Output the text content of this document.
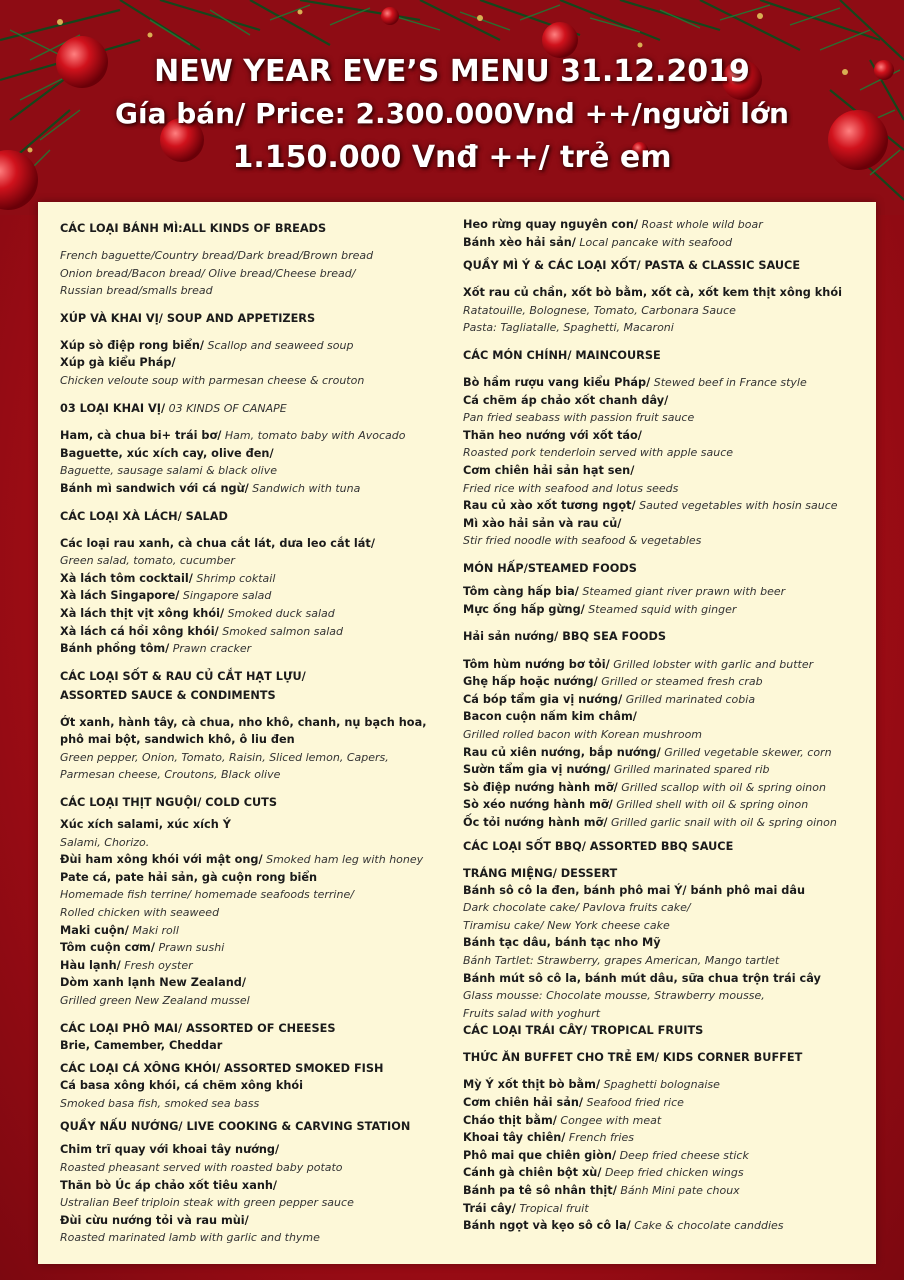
NEW YEAR EVE’S MENU 31.12.2019
Gía bán/ Price: 2.300.000Vnd ++/người lớn
1.150.000 Vnđ ++/ trẻ em
CÁC LOẠI BÁNH MÌ:ALL KINDS OF BREADS
French baguette/Country bread/Dark bread/Brown bread
Onion bread/Bacon bread/ Olive bread/Cheese bread/
Russian bread/smalls bread
XÚP VÀ KHAI VỊ/ SOUP AND APPETIZERS
Xúp sò điệp rong biển/ Scallop and seaweed soup
Xúp gà kiểu Pháp/
Chicken veloute soup with parmesan cheese & crouton
03 LOẠI KHAI VỊ/ 03 KINDS OF CANAPE
Ham, cà chua bi+ trái bơ/ Ham, tomato baby with Avocado
Baguette, xúc xích cay, olive đen/
Baguette, sausage salami & black olive
Bánh mì sandwich với cá ngừ/ Sandwich with tuna
CÁC LOẠI XÀ LÁCH/ SALAD
Các loại rau xanh, cà chua cắt lát, dưa leo cắt lát/
Green salad, tomato, cucumber
Xà lách tôm cocktail/ Shrimp coktail
Xà lách Singapore/ Singapore salad
Xà lách thịt vịt xông khói/ Smoked duck salad
Xà lách cá hồi xông khói/ Smoked salmon salad
Bánh phồng tôm/ Prawn cracker
CÁC LOẠI SỐT & RAU CỦ CẮT HẠT LỰU/
ASSORTED SAUCE & CONDIMENTS
Ớt xanh, hành tây, cà chua, nho khô, chanh, nụ bạch hoa,
phô mai bột, sandwich khô, ô liu đen
Green pepper, Onion, Tomato, Raisin, Sliced lemon, Capers,
Parmesan cheese, Croutons, Black olive
CÁC LOẠI THỊT NGUỘI/ COLD CUTS
Xúc xích salami, xúc xích Ý
Salami, Chorizo.
Đùi ham xông khói với mật ong/ Smoked ham leg with honey
Pate cá, pate hải sản, gà cuộn rong biển
Homemade fish terrine/ homemade seafoods terrine/
Rolled chicken with seaweed
Maki cuộn/ Maki roll
Tôm cuộn cơm/ Prawn sushi
Hàu lạnh/ Fresh oyster
Dòm xanh lạnh New Zealand/
Grilled green New Zealand mussel
CÁC LOẠI PHÔ MAI/ ASSORTED OF CHEESES
Brie, Camember, Cheddar
CÁC LOẠI CÁ XÔNG KHÓI/ ASSORTED SMOKED FISH
Cá basa xông khói, cá chẽm xông khói
Smoked basa fish, smoked sea bass
QUẦY NẤU NƯỚNG/ LIVE COOKING & CARVING STATION
Chim trĩ quay với khoai tây nướng/
Roasted pheasant served with roasted baby potato
Thăn bò Úc áp chảo xốt tiêu xanh/
Ustralian Beef triploin steak with green pepper sauce
Đùi cừu nướng tỏi và rau mùi/
Roasted marinated lamb with garlic and thyme
Heo rừng quay nguyên con/ Roast whole wild boar
Bánh xèo hải sản/ Local pancake with seafood
QUẦY MÌ Ý & CÁC LOẠI XỐT/ PASTA & CLASSIC SAUCE
Xốt rau củ chần, xốt bò bằm, xốt cà, xốt kem thịt xông khói
Ratatouille, Bolognese, Tomato, Carbonara Sauce
Pasta: Tagliatalle, Spaghetti, Macaroni
CÁC MÓN CHÍNH/ MAINCOURSE
Bò hầm rượu vang kiểu Pháp/ Stewed beef in France style
Cá chẽm áp chảo xốt chanh dây/
Pan fried seabass with passion fruit sauce
Thăn heo nướng với xốt táo/
Roasted pork tenderloin served with apple sauce
Cơm chiên hải sản hạt sen/
Fried rice with seafood and lotus seeds
Rau củ xào xốt tương ngọt/ Sauted vegetables with hosin sauce
Mì xào hải sản và rau củ/
Stir fried noodle with seafood & vegetables
MÓN HẤP/STEAMED FOODS
Tôm càng hấp bia/ Steamed giant river prawn with beer
Mực ống hấp gừng/ Steamed squid with ginger
Hải sản nướng/ BBQ SEA FOODS
Tôm hùm nướng bơ tỏi/ Grilled lobster with garlic and butter
Ghẹ hấp hoặc nướng/ Grilled or steamed fresh crab
Cá bóp tẩm gia vị nướng/ Grilled marinated cobia
Bacon cuộn nấm kim châm/
Grilled rolled bacon with Korean mushroom
Rau củ xiên nướng, bắp nướng/ Grilled vegetable skewer, corn
Sườn tẩm gia vị nướng/ Grilled marinated spared rib
Sò điệp nướng hành mỡ/ Grilled scallop with oil & spring oinon
Sò xéo nướng hành mỡ/ Grilled shell with oil & spring oinon
Ốc tỏi nướng hành mỡ/ Grilled garlic snail with oil & spring oinon
CÁC LOẠI SỐT BBQ/ ASSORTED BBQ SAUCE
TRÁNG MIỆNG/ DESSERT
Bánh sô cô la đen, bánh phô mai Ý/ bánh phô mai dâu
Dark chocolate cake/ Pavlova fruits cake/
Tiramisu cake/ New York cheese cake
Bánh tạc dâu, bánh tạc nho Mỹ
Bánh Tartlet: Strawberry, grapes American, Mango tartlet
Bánh mút sô cô la, bánh mút dâu, sữa chua trộn trái cây
Glass mousse: Chocolate mousse, Strawberry mousse,
Fruits salad with yoghurt
CÁC LOẠI TRÁI CÂY/ TROPICAL FRUITS
THỨC ĂN BUFFET CHO TRẺ EM/ KIDS CORNER BUFFET
Mỳ Ý xốt thịt bò bằm/ Spaghetti bolognaise
Cơm chiên hải sản/ Seafood fried rice
Cháo thịt bằm/ Congee with meat
Khoai tây chiên/ French fries
Phô mai que chiên giòn/ Deep fried cheese stick
Cánh gà chiên bột xù/ Deep fried chicken wings
Bánh pa tê sô nhân thịt/ Bánh Mini pate choux
Trái cây/ Tropical fruit
Bánh ngọt và kẹo sô cô la/ Cake & chocolate canddies
